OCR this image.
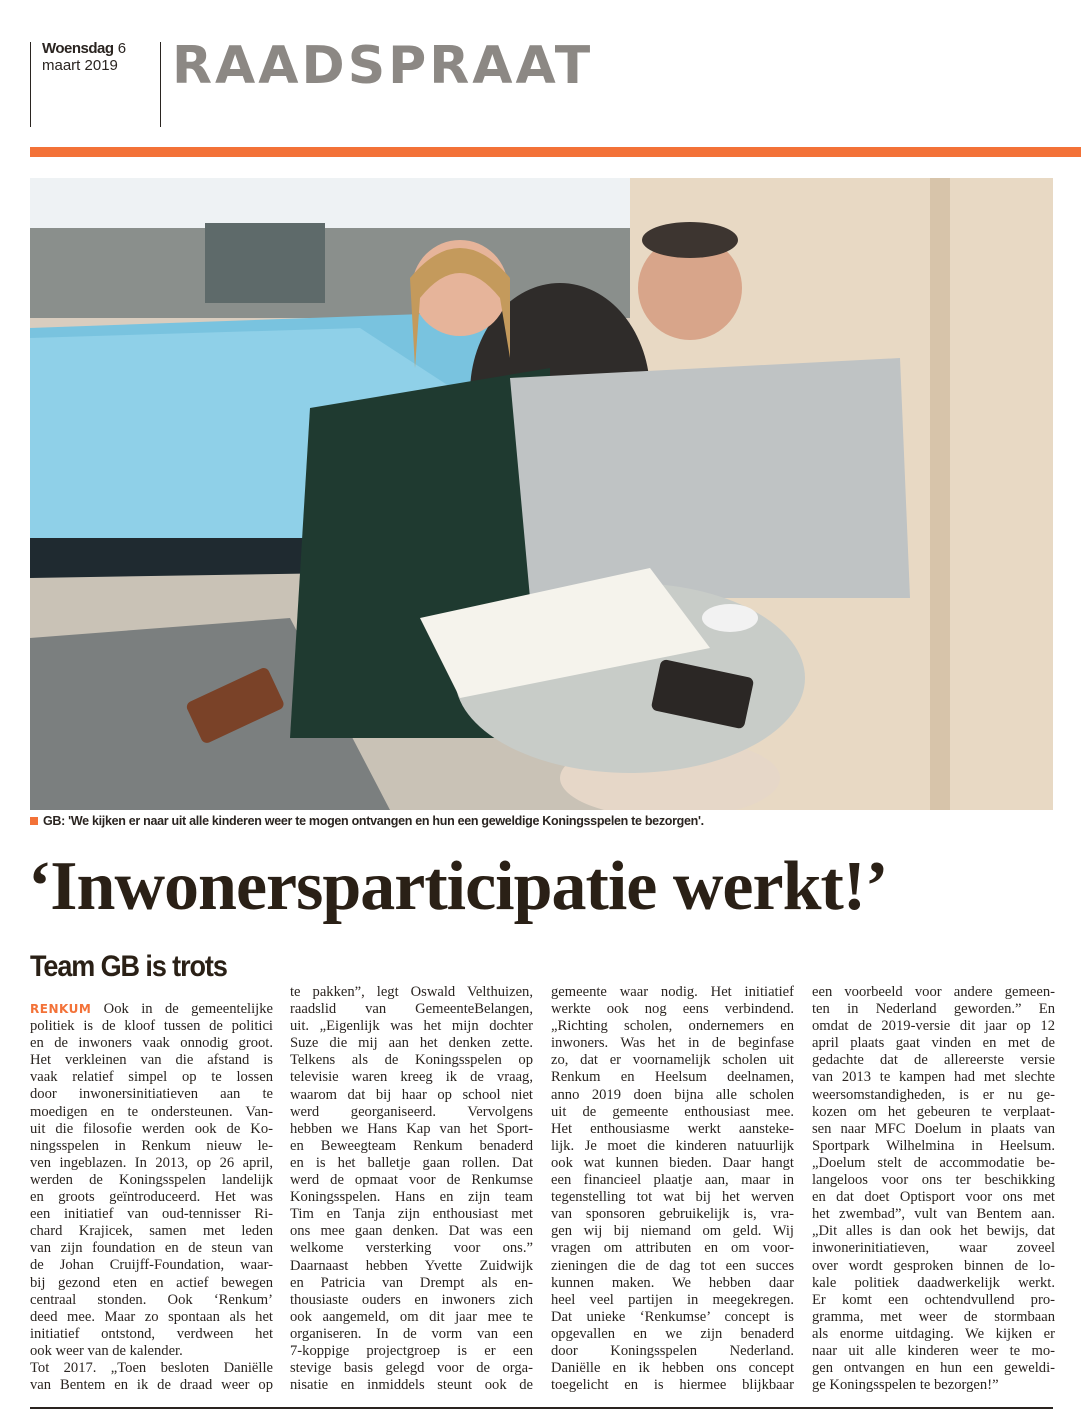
Woensdag 6
maart 2019 RAADSPRAAT
GB: 'We kijken er naar uit alle kinderen weer te mogen ontvangen en hun een geweldige Koningsspelen te bezorgen'.
‘Inwonersparticipatie werkt!’
Team GB is trots
RENKUM Ook in de gemeentelijke
politiek is de kloof tussen de politici
en de inwoners vaak onnodig groot.
Het verkleinen van die afstand is
vaak relatief simpel op te lossen
door inwonersinitiatieven aan te
moedigen en te ondersteunen. Van-
uit die filosofie werden ook de Ko-
ningsspelen in Renkum nieuw le-
ven ingeblazen. In 2013, op 26 april,
werden de Koningsspelen landelijk
en groots geïntroduceerd. Het was
een initiatief van oud-tennisser Ri-
chard Krajicek, samen met leden
van zijn foundation en de steun van
de Johan Cruijff-Foundation, waar-
bij gezond eten en actief bewegen
centraal stonden. Ook ‘Renkum’
deed mee. Maar zo spontaan als het
initiatief ontstond, verdween het
ook weer van de kalender.
Tot 2017. „Toen besloten Daniëlle
van Bentem en ik de draad weer op
te pakken”, legt Oswald Velthuizen,
raadslid van GemeenteBelangen,
uit. „Eigenlijk was het mijn dochter
Suze die mij aan het denken zette.
Telkens als de Koningsspelen op
televisie waren kreeg ik de vraag,
waarom dat bij haar op school niet
werd georganiseerd. Vervolgens
hebben we Hans Kap van het Sport-
en Beweegteam Renkum benaderd
en is het balletje gaan rollen. Dat
werd de opmaat voor de Renkumse
Koningsspelen. Hans en zijn team
Tim en Tanja zijn enthousiast met
ons mee gaan denken. Dat was een
welkome versterking voor ons.”
Daarnaast hebben Yvette Zuidwijk
en Patricia van Drempt als en-
thousiaste ouders en inwoners zich
ook aangemeld, om dit jaar mee te
organiseren. In de vorm van een
7-koppige projectgroep is er een
stevige basis gelegd voor de orga-
nisatie en inmiddels steunt ook de
gemeente waar nodig. Het initiatief
werkte ook nog eens verbindend.
„Richting scholen, ondernemers en
inwoners. Was het in de beginfase
zo, dat er voornamelijk scholen uit
Renkum en Heelsum deelnamen,
anno 2019 doen bijna alle scholen
uit de gemeente enthousiast mee.
Het enthousiasme werkt aansteke-
lijk. Je moet die kinderen natuurlijk
ook wat kunnen bieden. Daar hangt
een financieel plaatje aan, maar in
tegenstelling tot wat bij het werven
van sponsoren gebruikelijk is, vra-
gen wij bij niemand om geld. Wij
vragen om attributen en om voor-
zieningen die de dag tot een succes
kunnen maken. We hebben daar
heel veel partijen in meegekregen.
Dat unieke ‘Renkumse’ concept is
opgevallen en we zijn benaderd
door Koningsspelen Nederland.
Daniëlle en ik hebben ons concept
toegelicht en is hiermee blijkbaar
een voorbeeld voor andere gemeen-
ten in Nederland geworden.” En
omdat de 2019-versie dit jaar op 12
april plaats gaat vinden en met de
gedachte dat de allereerste versie
van 2013 te kampen had met slechte
weersomstandigheden, is er nu ge-
kozen om het gebeuren te verplaat-
sen naar MFC Doelum in plaats van
Sportpark Wilhelmina in Heelsum.
„Doelum stelt de accommodatie be-
langeloos voor ons ter beschikking
en dat doet Optisport voor ons met
het zwembad”, vult van Bentem aan.
„Dit alles is dan ook het bewijs, dat
inwonerinitiatieven, waar zoveel
over wordt gesproken binnen de lo-
kale politiek daadwerkelijk werkt.
Er komt een ochtendvullend pro-
gramma, met weer de stormbaan
als enorme uitdaging. We kijken er
naar uit alle kinderen weer te mo-
gen ontvangen en hun een geweldi-
ge Koningsspelen te bezorgen!”
